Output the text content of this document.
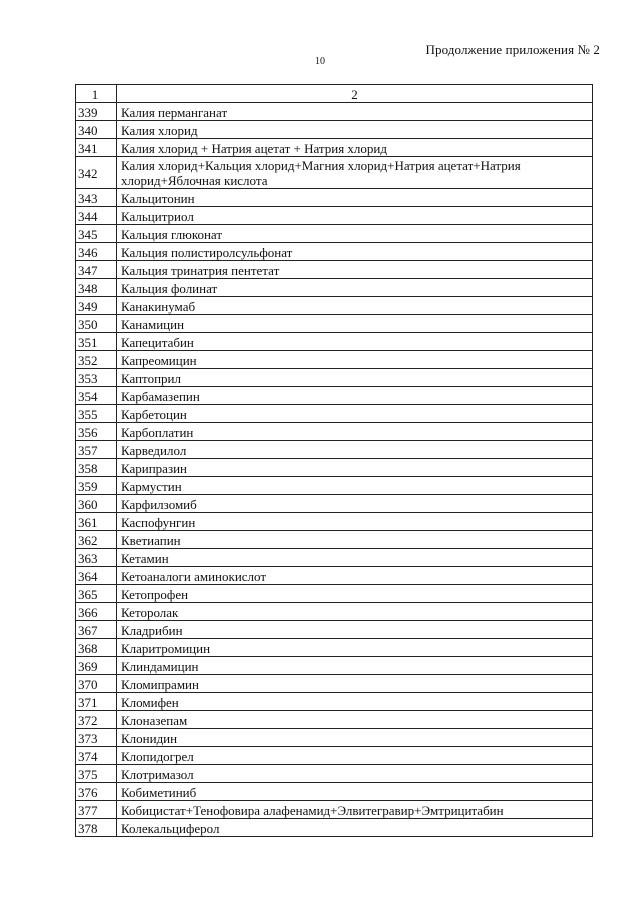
Продолжение приложения № 2
10
1	2
339	Калия перманганат
340	Калия хлорид
341	Калия хлорид + Натрия ацетат + Натрия хлорид
342	Калия хлорид+Кальция хлорид+Магния хлорид+Натрия ацетат+Натрия хлорид+Яблочная кислота
343	Кальцитонин
344	Кальцитриол
345	Кальция глюконат
346	Кальция полистиролсульфонат
347	Кальция тринатрия пентетат
348	Кальция фолинат
349	Канакинумаб
350	Канамицин
351	Капецитабин
352	Капреомицин
353	Каптоприл
354	Карбамазепин
355	Карбетоцин
356	Карбоплатин
357	Карведилол
358	Карипразин
359	Кармустин
360	Карфилзомиб
361	Каспофунгин
362	Кветиапин
363	Кетамин
364	Кетоаналоги аминокислот
365	Кетопрофен
366	Кеторолак
367	Кладрибин
368	Кларитромицин
369	Клиндамицин
370	Кломипрамин
371	Кломифен
372	Клоназепам
373	Клонидин
374	Клопидогрел
375	Клотримазол
376	Кобиметиниб
377	Кобицистат+Тенофовира алафенамид+Элвитегравир+Эмтрицитабин
378	Колекальциферол
